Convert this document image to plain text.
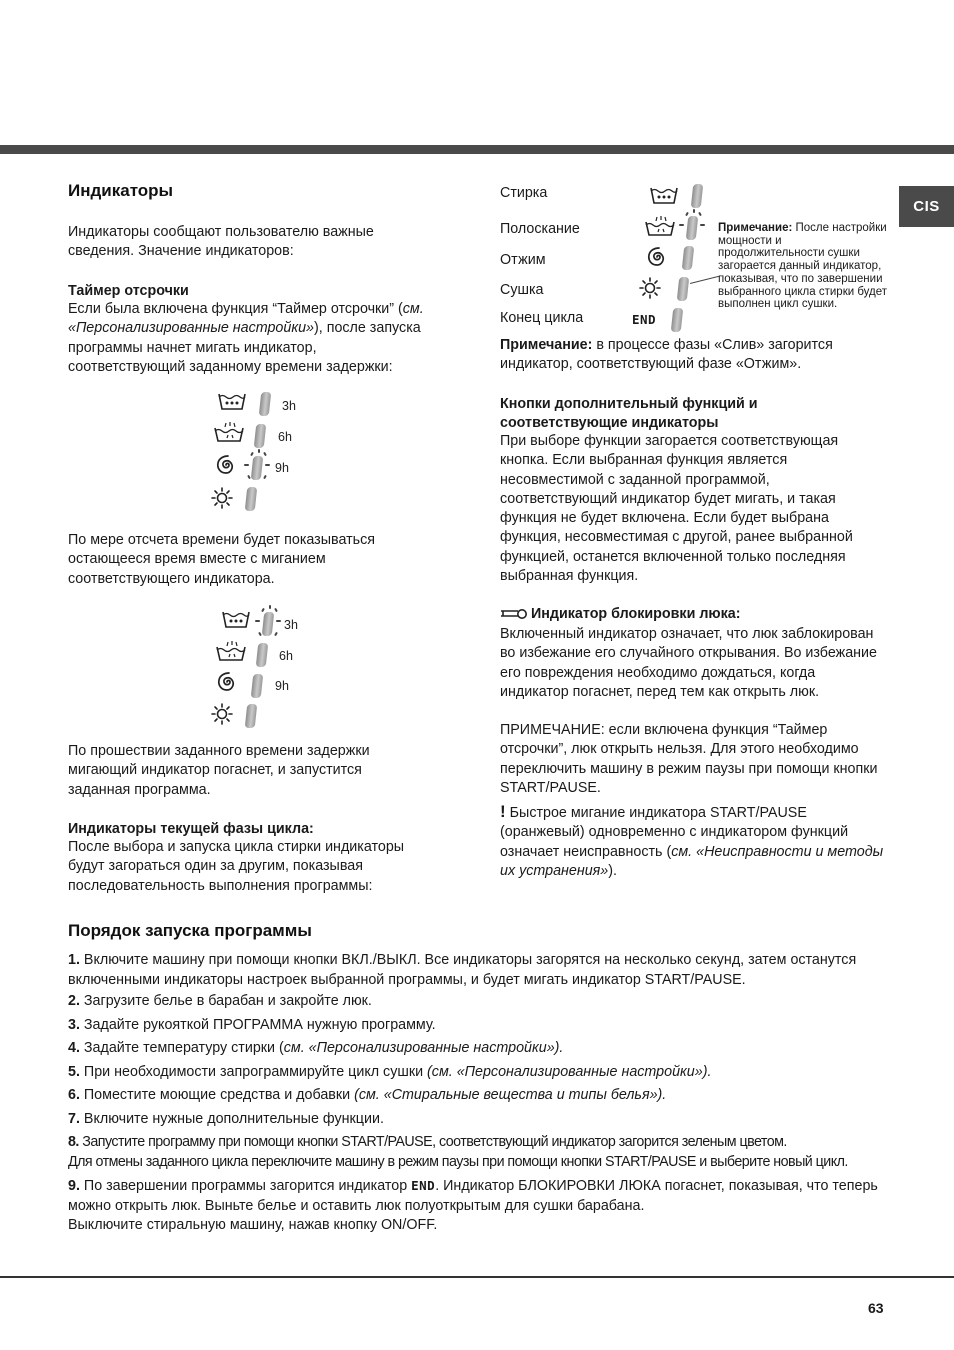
CIS
Индикаторы

Индикаторы сообщают пользователю важные сведения. Значение индикаторов:

Таймер отсрочки

Если была включена функция “Таймер отсрочки” (см. «Персонализированные настройки»), после запуска программы начнет мигать индикатор, соответствующий заданному времени задержки:

3h
6h
9h

По мере отсчета времени будет показываться остающееся время вместе с миганием соответствующего индикатора.

3h
6h
9h

По прошествии заданного времени задержки мигающий индикатор погаснет, и запустится заданная программа.

Индикаторы текущей фазы цикла:

После выбора и запуска цикла стирки индикаторы будут загораться один за другим, показывая последовательность выполнения программы:

Стирка
Полоскание
Отжим
Сушка
Конец цикла	END

Примечание: После настройки мощности и продолжительности сушки загорается данный индикатор, показывая, что по завершении выбранного цикла стирки будет выполнен цикл сушки.

Примечание: в процессе фазы «Слив» загорится индикатор, соответствующий фазе «Отжим».

Кнопки дополнительный функций и соответствующие индикаторы

При выборе функции загорается соответствующая кнопка. Если выбранная функция является несовместимой с заданной программой, соответствующий индикатор будет мигать, и такая функция не будет включена. Если будет выбрана функция, несовместимая с другой, ранее выбранной функцией, останется включенной только последняя выбранная функция.

Индикатор блокировки люка:

Включенный индикатор означает, что люк заблокирован во избежание его случайного открывания. Во избежание его повреждения необходимо дождаться, когда индикатор погаснет, перед тем как открыть люк.

ПРИМЕЧАНИЕ: если включена функция “Таймер отсрочки”, люк открыть нельзя. Для этого необходимо переключить машину в режим паузы при помощи кнопки START/PAUSE.

! Быстрое мигание индикатора START/PAUSE (оранжевый) одновременно с индикатором функций означает неисправность (см. «Неисправности и методы их устранения»).

Порядок запуска программы

1. Включите машину при помощи кнопки ВКЛ./ВЫКЛ. Все индикаторы загорятся на несколько секунд, затем останутся включенными индикаторы настроек выбранной программы, и будет мигать индикатор START/PAUSE.

2. Загрузите белье в барабан и закройте люк.

3. Задайте рукояткой ПРОГРАММА нужную программу.

4. Задайте температуру стирки (см. «Персонализированные настройки»).

5. При необходимости запрограммируйте цикл сушки (см. «Персонализированные настройки»).

6. Поместите моющие средства и добавки (см. «Стиральные вещества и типы белья»).

7. Включите нужные дополнительные функции.

8. Запустите программу при помощи кнопки START/PAUSE, соответствующий индикатор загорится зеленым цветом.

Для отмены заданного цикла переключите машину в режим паузы при помощи кнопки START/PAUSE и выберите новый цикл.

9. По завершении программы загорится индикатор END. Индикатор БЛОКИРОВКИ ЛЮКА погаснет, показывая, что теперь можно открыть люк. Выньте белье и оставить люк полуоткрытым для сушки барабана.

Выключите стиральную машину, нажав кнопку ON/OFF.

63
